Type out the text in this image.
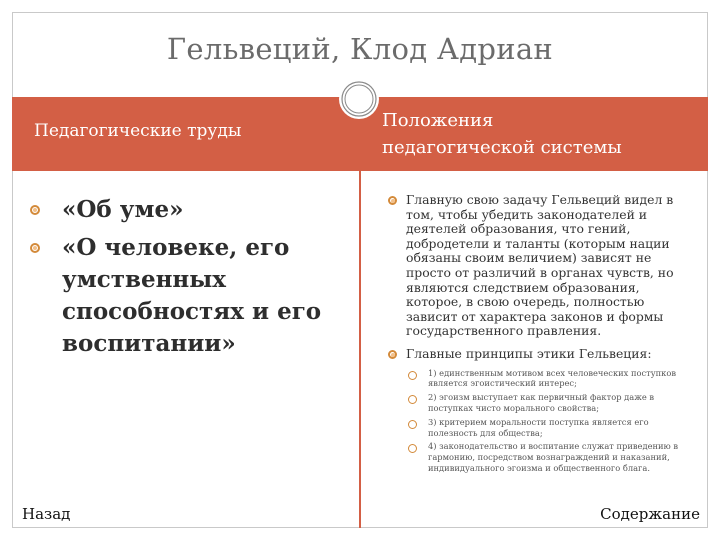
Гельвеций, Клод Адриан
Педагогические труды	Положения
педагогической системы
«Об уме»
«О человеке, его умственных способностях и его воспитании»
Главную свою задачу Гельвеций видел в том, чтобы убедить законодателей и деятелей образования, что гений, добродетели и таланты (которым нации обязаны своим величием) зависят не просто от различий в органах чувств, но являются следствием образования, которое, в свою очередь, полностью зависит от характера законов и формы государственного правления.
Главные принципы этики Гельвеция:
1) единственным мотивом всех человеческих поступков является эгоистический интерес;
2) эгоизм выступает как первичный фактор даже в поступках чисто морального свойства;
3) критерием моральности поступка является его полезность для общества;
4) законодательство и воспитание служат приведению в гармонию, посредством вознаграждений и наказаний, индивидуального эгоизма и общественного блага.
Назад	Содержание
